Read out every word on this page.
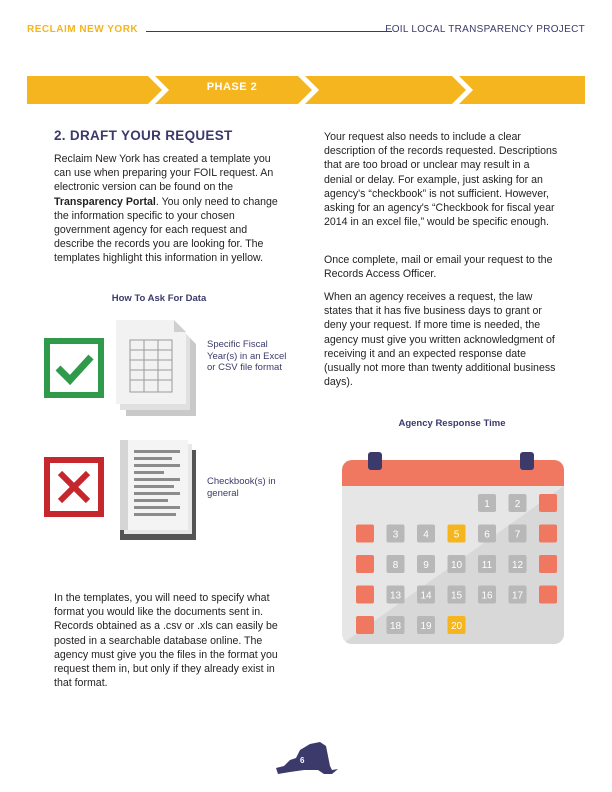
RECLAIM NEW YORK	FOIL LOCAL TRANSPARENCY PROJECT
PHASE 2
2. DRAFT YOUR REQUEST

Reclaim New York has created a template you can use when preparing your FOIL request. An electronic version can be found on the Transparency Portal. You only need to change the information specific to your chosen government agency for each request and describe the records you are looking for. The templates highlight this information in yellow.

How To Ask For Data
Specific Fiscal Year(s) in an Excel or CSV file format
Checkbook(s) in general

In the templates, you will need to specify what format you would like the documents sent in. Records obtained as a .csv or .xls can easily be posted in a searchable database online. The agency must give you the files in the format you request them in, but only if they already exist in that format.

Your request also needs to include a clear description of the records requested. Descriptions that are too broad or unclear may result in a denial or delay. For example, just asking for an agency's “checkbook” is not sufficient. However, asking for an agency's “Checkbook for fiscal year 2014 in an excel file,” would be specific enough.

Once complete, mail or email your request to the Records Access Officer.

When an agency receives a request, the law states that it has five business days to grant or deny your request. If more time is needed, the agency must give you written acknowledgment of receiving it and an expected response date (usually not more than twenty additional business days).

Agency Response Time
1 2
3 4 5 6 7
8 9 10 11 12
13 14 15 16 17
18 19 20
6
